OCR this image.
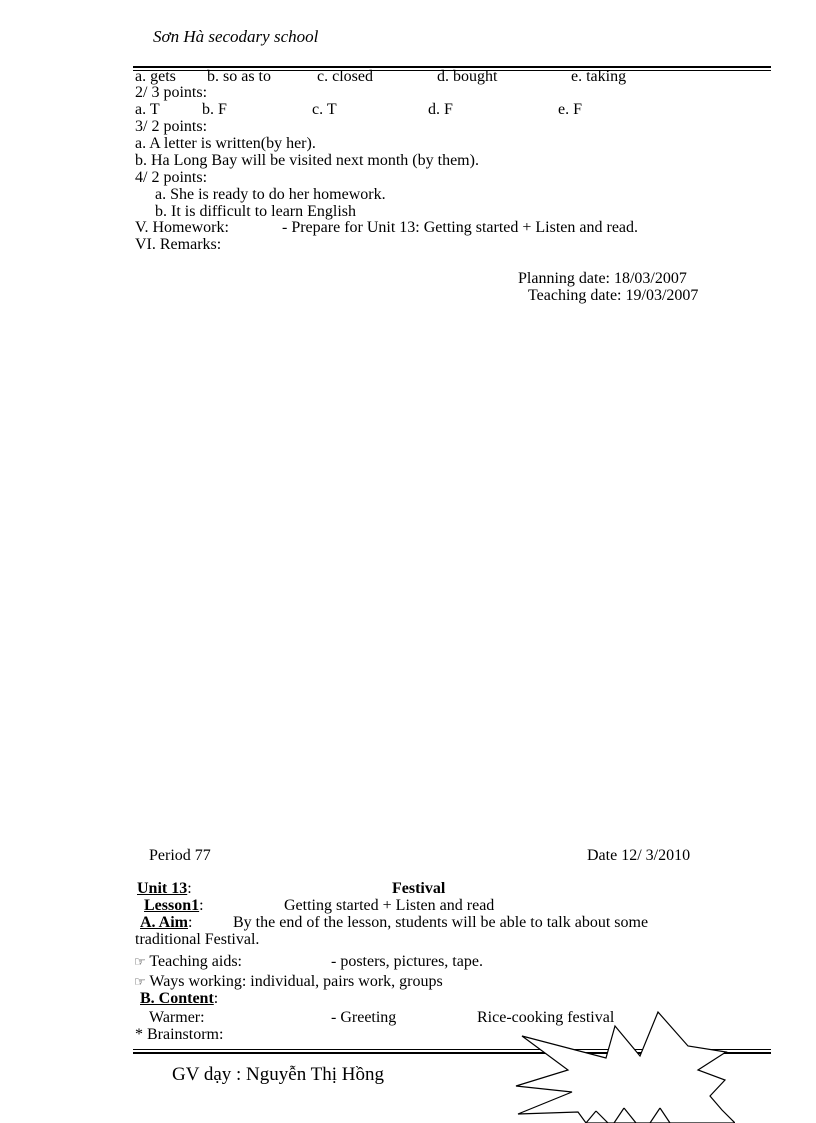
Sơn Hà secodary school
a. gets b. so as to	c. closed	d. bought	e. taking
2/ 3 points:
a. T	b. F	c. T	d. F	e. F
3/ 2 points:
a. A letter is written(by her).
b. Ha Long Bay will be visited next month (by them).
4/ 2 points:
a. She is ready to do her homework.
b. It is difficult to learn English
V. Homework:	- Prepare for Unit 13: Getting started + Listen and read.
VI. Remarks:
Planning date: 18/03/2007
Teaching date: 19/03/2007
Period 77	Date 12/ 3/2010
Unit 13:	Festival
Lesson1:	Getting started + Listen and read
A. Aim:	By the end of the lesson, students will be able to talk about some
traditional Festival.
☞ Teaching aids:	- posters, pictures, tape.
☞ Ways working: individual, pairs work, groups
B. Content:
Warmer:	- Greeting	Rice-cooking festival
* Brainstorm:
GV dạy : Nguyễn Thị Hồng
